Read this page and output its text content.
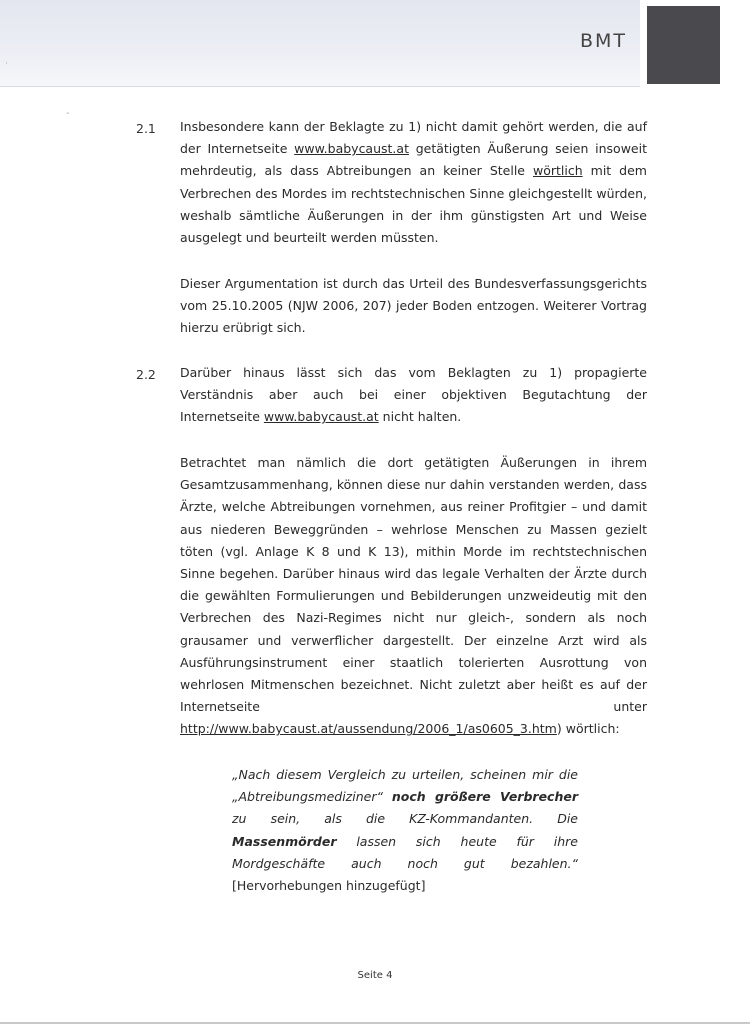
BMT
˙
-
2.1 Insbesondere kann der Beklagte zu 1) nicht damit gehört werden, die auf der Internetseite www.babycaust.at getätigten Äußerung seien insoweit mehrdeutig, als dass Abtreibungen an keiner Stelle wörtlich mit dem Verbrechen des Mordes im rechtstechnischen Sinne gleichgestellt würden, weshalb sämtliche Äußerungen in der ihm günstigsten Art und Weise ausgelegt und beurteilt werden müssten.
Dieser Argumentation ist durch das Urteil des Bundesverfassungsgerichts vom 25.10.2005 (NJW 2006, 207) jeder Boden entzogen. Weiterer Vortrag hierzu erübrigt sich.
2.2 Darüber hinaus lässt sich das vom Beklagten zu 1) propagierte Verständnis aber auch bei einer objektiven Begutachtung der Internetseite www.babycaust.at nicht halten.
Betrachtet man nämlich die dort getätigten Äußerungen in ihrem Gesamtzusammenhang, können diese nur dahin verstanden werden, dass Ärzte, welche Abtreibungen vornehmen, aus reiner Profitgier – und damit aus niederen Beweggründen – wehrlose Menschen zu Massen gezielt töten (vgl. Anlage K 8 und K 13), mithin Morde im rechtstechnischen Sinne begehen. Darüber hinaus wird das legale Verhalten der Ärzte durch die gewählten Formulierungen und Bebilderungen unzweideutig mit den Verbrechen des Nazi-Regimes nicht nur gleich-, sondern als noch grausamer und verwerflicher dargestellt. Der einzelne Arzt wird als Ausführungsinstrument einer staatlich tolerierten Ausrottung von wehrlosen Mitmenschen bezeichnet. Nicht zuletzt aber heißt es auf der Internetseite unter http://www.babycaust.at/aussendung/2006_1/as0605_3.htm) wörtlich:
„Nach diesem Vergleich zu urteilen, scheinen mir die „Abtreibungsmediziner“ noch größere Verbrecher zu sein, als die KZ-Kommandanten. Die Massenmörder lassen sich heute für ihre Mordgeschäfte auch noch gut bezahlen.“ [Hervorhebungen hinzugefügt]
Seite 4
